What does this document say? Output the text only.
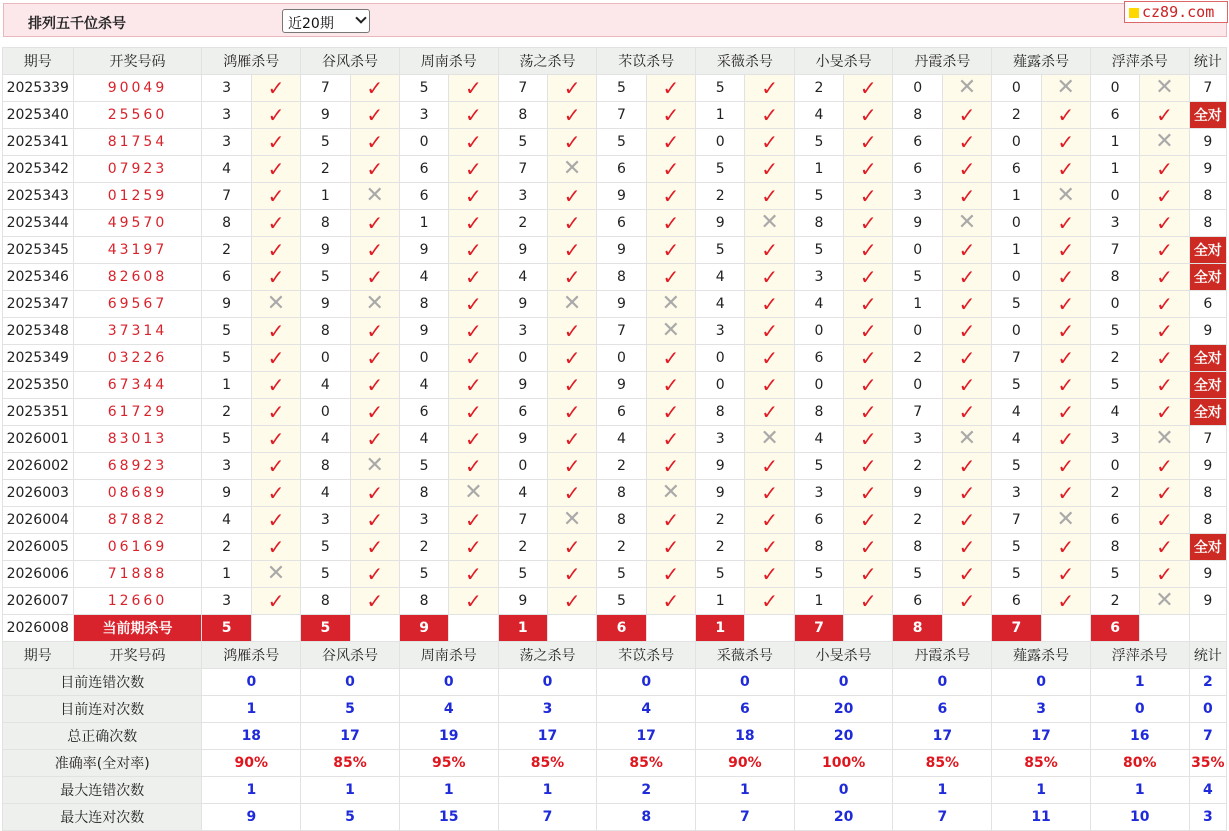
排列五千位杀号	近20期
cz89.com
期号	开奖号码	鸿雁杀号		谷风杀号		周南杀号		荡之杀号		芣苡杀号		采薇杀号		小旻杀号		丹霞杀号		薤露杀号		浮萍杀号		统计
2025339	90049	3	✓	7	✓	5	✓	7	✓	5	✓	5	✓	2	✓	0	✕	0	✕	0	✕	7
2025340	25560	3	✓	9	✓	3	✓	8	✓	7	✓	1	✓	4	✓	8	✓	2	✓	6	✓	全对
2025341	81754	3	✓	5	✓	0	✓	5	✓	5	✓	0	✓	5	✓	6	✓	0	✓	1	✕	9
2025342	07923	4	✓	2	✓	6	✓	7	✕	6	✓	5	✓	1	✓	6	✓	6	✓	1	✓	9
2025343	01259	7	✓	1	✕	6	✓	3	✓	9	✓	2	✓	5	✓	3	✓	1	✕	0	✓	8
2025344	49570	8	✓	8	✓	1	✓	2	✓	6	✓	9	✕	8	✓	9	✕	0	✓	3	✓	8
2025345	43197	2	✓	9	✓	9	✓	9	✓	9	✓	5	✓	5	✓	0	✓	1	✓	7	✓	全对
2025346	82608	6	✓	5	✓	4	✓	4	✓	8	✓	4	✓	3	✓	5	✓	0	✓	8	✓	全对
2025347	69567	9	✕	9	✕	8	✓	9	✕	9	✕	4	✓	4	✓	1	✓	5	✓	0	✓	6
2025348	37314	5	✓	8	✓	9	✓	3	✓	7	✕	3	✓	0	✓	0	✓	0	✓	5	✓	9
2025349	03226	5	✓	0	✓	0	✓	0	✓	0	✓	0	✓	6	✓	2	✓	7	✓	2	✓	全对
2025350	67344	1	✓	4	✓	4	✓	9	✓	9	✓	0	✓	0	✓	0	✓	5	✓	5	✓	全对
2025351	61729	2	✓	0	✓	6	✓	6	✓	6	✓	8	✓	8	✓	7	✓	4	✓	4	✓	全对
2026001	83013	5	✓	4	✓	4	✓	9	✓	4	✓	3	✕	4	✓	3	✕	4	✓	3	✕	7
2026002	68923	3	✓	8	✕	5	✓	0	✓	2	✓	9	✓	5	✓	2	✓	5	✓	0	✓	9
2026003	08689	9	✓	4	✓	8	✕	4	✓	8	✕	9	✓	3	✓	9	✓	3	✓	2	✓	8
2026004	87882	4	✓	3	✓	3	✓	7	✕	8	✓	2	✓	6	✓	2	✓	7	✕	6	✓	8
2026005	06169	2	✓	5	✓	2	✓	2	✓	2	✓	2	✓	8	✓	8	✓	5	✓	8	✓	全对
2026006	71888	1	✕	5	✓	5	✓	5	✓	5	✓	5	✓	5	✓	5	✓	5	✓	5	✓	9
2026007	12660	3	✓	8	✓	8	✓	9	✓	5	✓	1	✓	1	✓	6	✓	6	✓	2	✕	9
2026008	当前期杀号	5		5		9		1		6		1		7		8		7		6		
期号	开奖号码	鸿雁杀号		谷风杀号		周南杀号		荡之杀号		芣苡杀号		采薇杀号		小旻杀号		丹霞杀号		薤露杀号		浮萍杀号		统计
目前连错次数		0		0		0		0		0		0		0		0		0		1		2
目前连对次数		1		5		4		3		4		6		20		6		3		0		0
总正确次数		18		17		19		17		17		18		20		17		17		16		7
准确率(全对率)		90%		85%		95%		85%		85%		90%		100%		85%		85%		80%		35%
最大连错次数		1		1		1		1		2		1		0		1		1		1		4
最大连对次数		9		5		15		7		8		7		20		7		11		10		3
